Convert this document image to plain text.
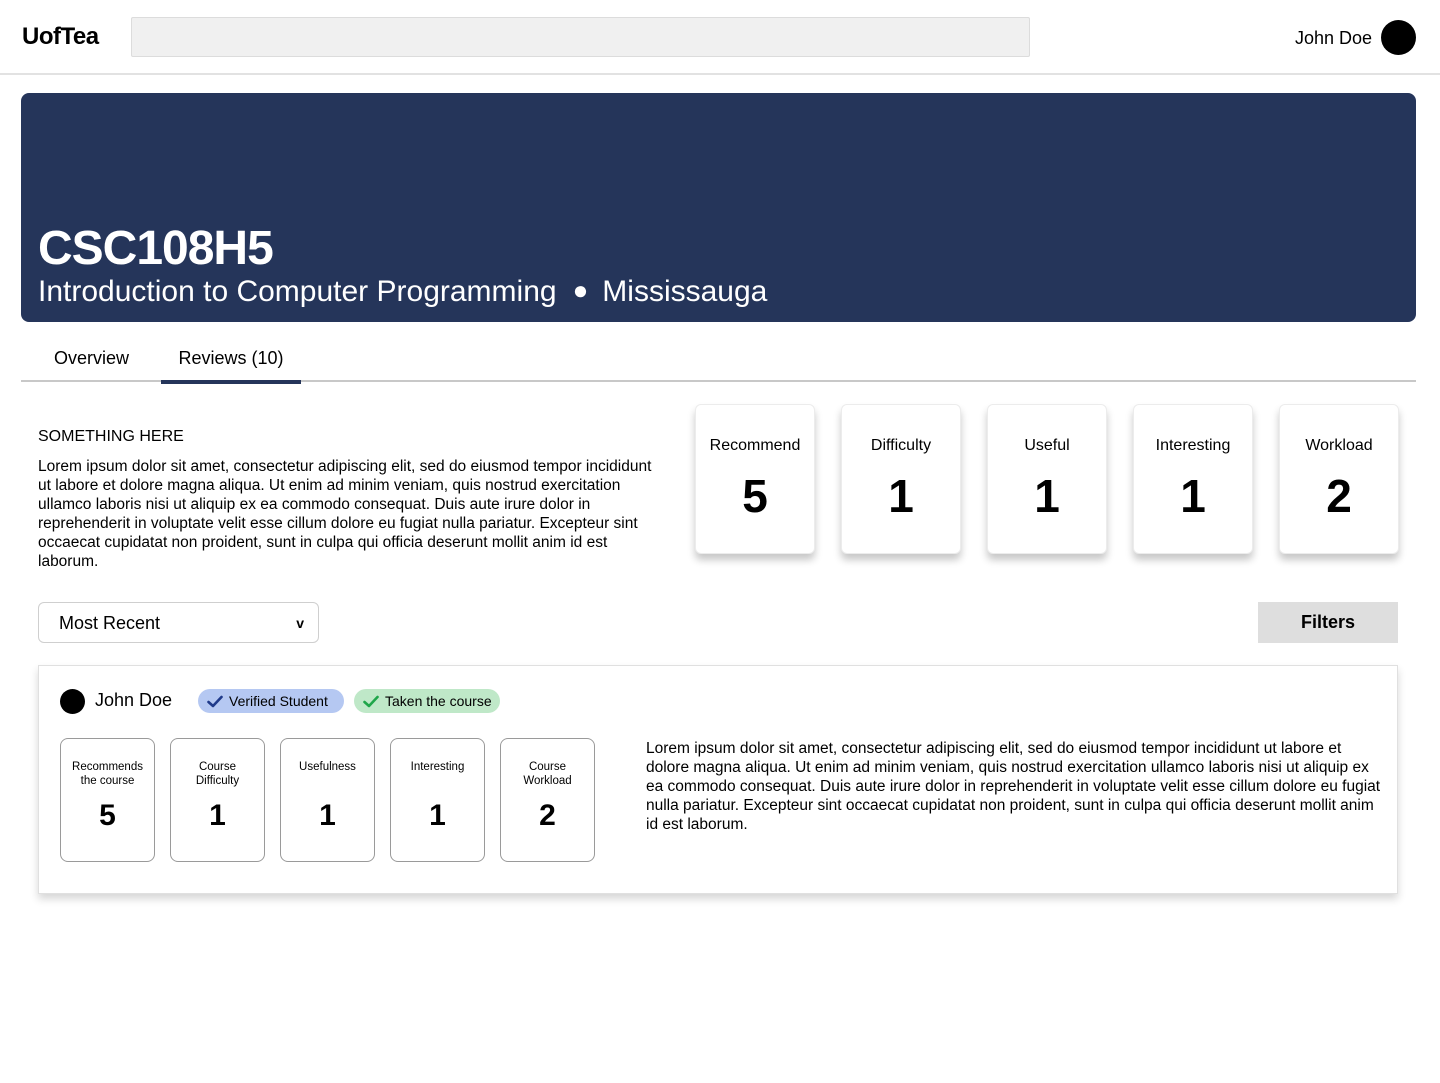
UofTea	John Doe
CSC108H5
Introduction to Computer Programming ● Mississauga
Overview	Reviews (10)
SOMETHING HERE
Lorem ipsum dolor sit amet, consectetur adipiscing elit, sed do eiusmod tempor incididunt ut labore et dolore magna aliqua. Ut enim ad minim veniam, quis nostrud exercitation ullamco laboris nisi ut aliquip ex ea commodo consequat. Duis aute irure dolor in reprehenderit in voluptate velit esse cillum dolore eu fugiat nulla pariatur. Excepteur sint occaecat cupidatat non proident, sunt in culpa qui officia deserunt mollit anim id est laborum.
Recommend
5
Difficulty
1
Useful
1
Interesting
1
Workload
2
Most Recent	v	Filters
John Doe	Verified Student	Taken the course
Recommends the course
5
Course Difficulty
1
Usefulness
1
Interesting
1
Course Workload
2
Lorem ipsum dolor sit amet, consectetur adipiscing elit, sed do eiusmod tempor incididunt ut labore et dolore magna aliqua. Ut enim ad minim veniam, quis nostrud exercitation ullamco laboris nisi ut aliquip ex ea commodo consequat. Duis aute irure dolor in reprehenderit in voluptate velit esse cillum dolore eu fugiat nulla pariatur. Excepteur sint occaecat cupidatat non proident, sunt in culpa qui officia deserunt mollit anim id est laborum.
